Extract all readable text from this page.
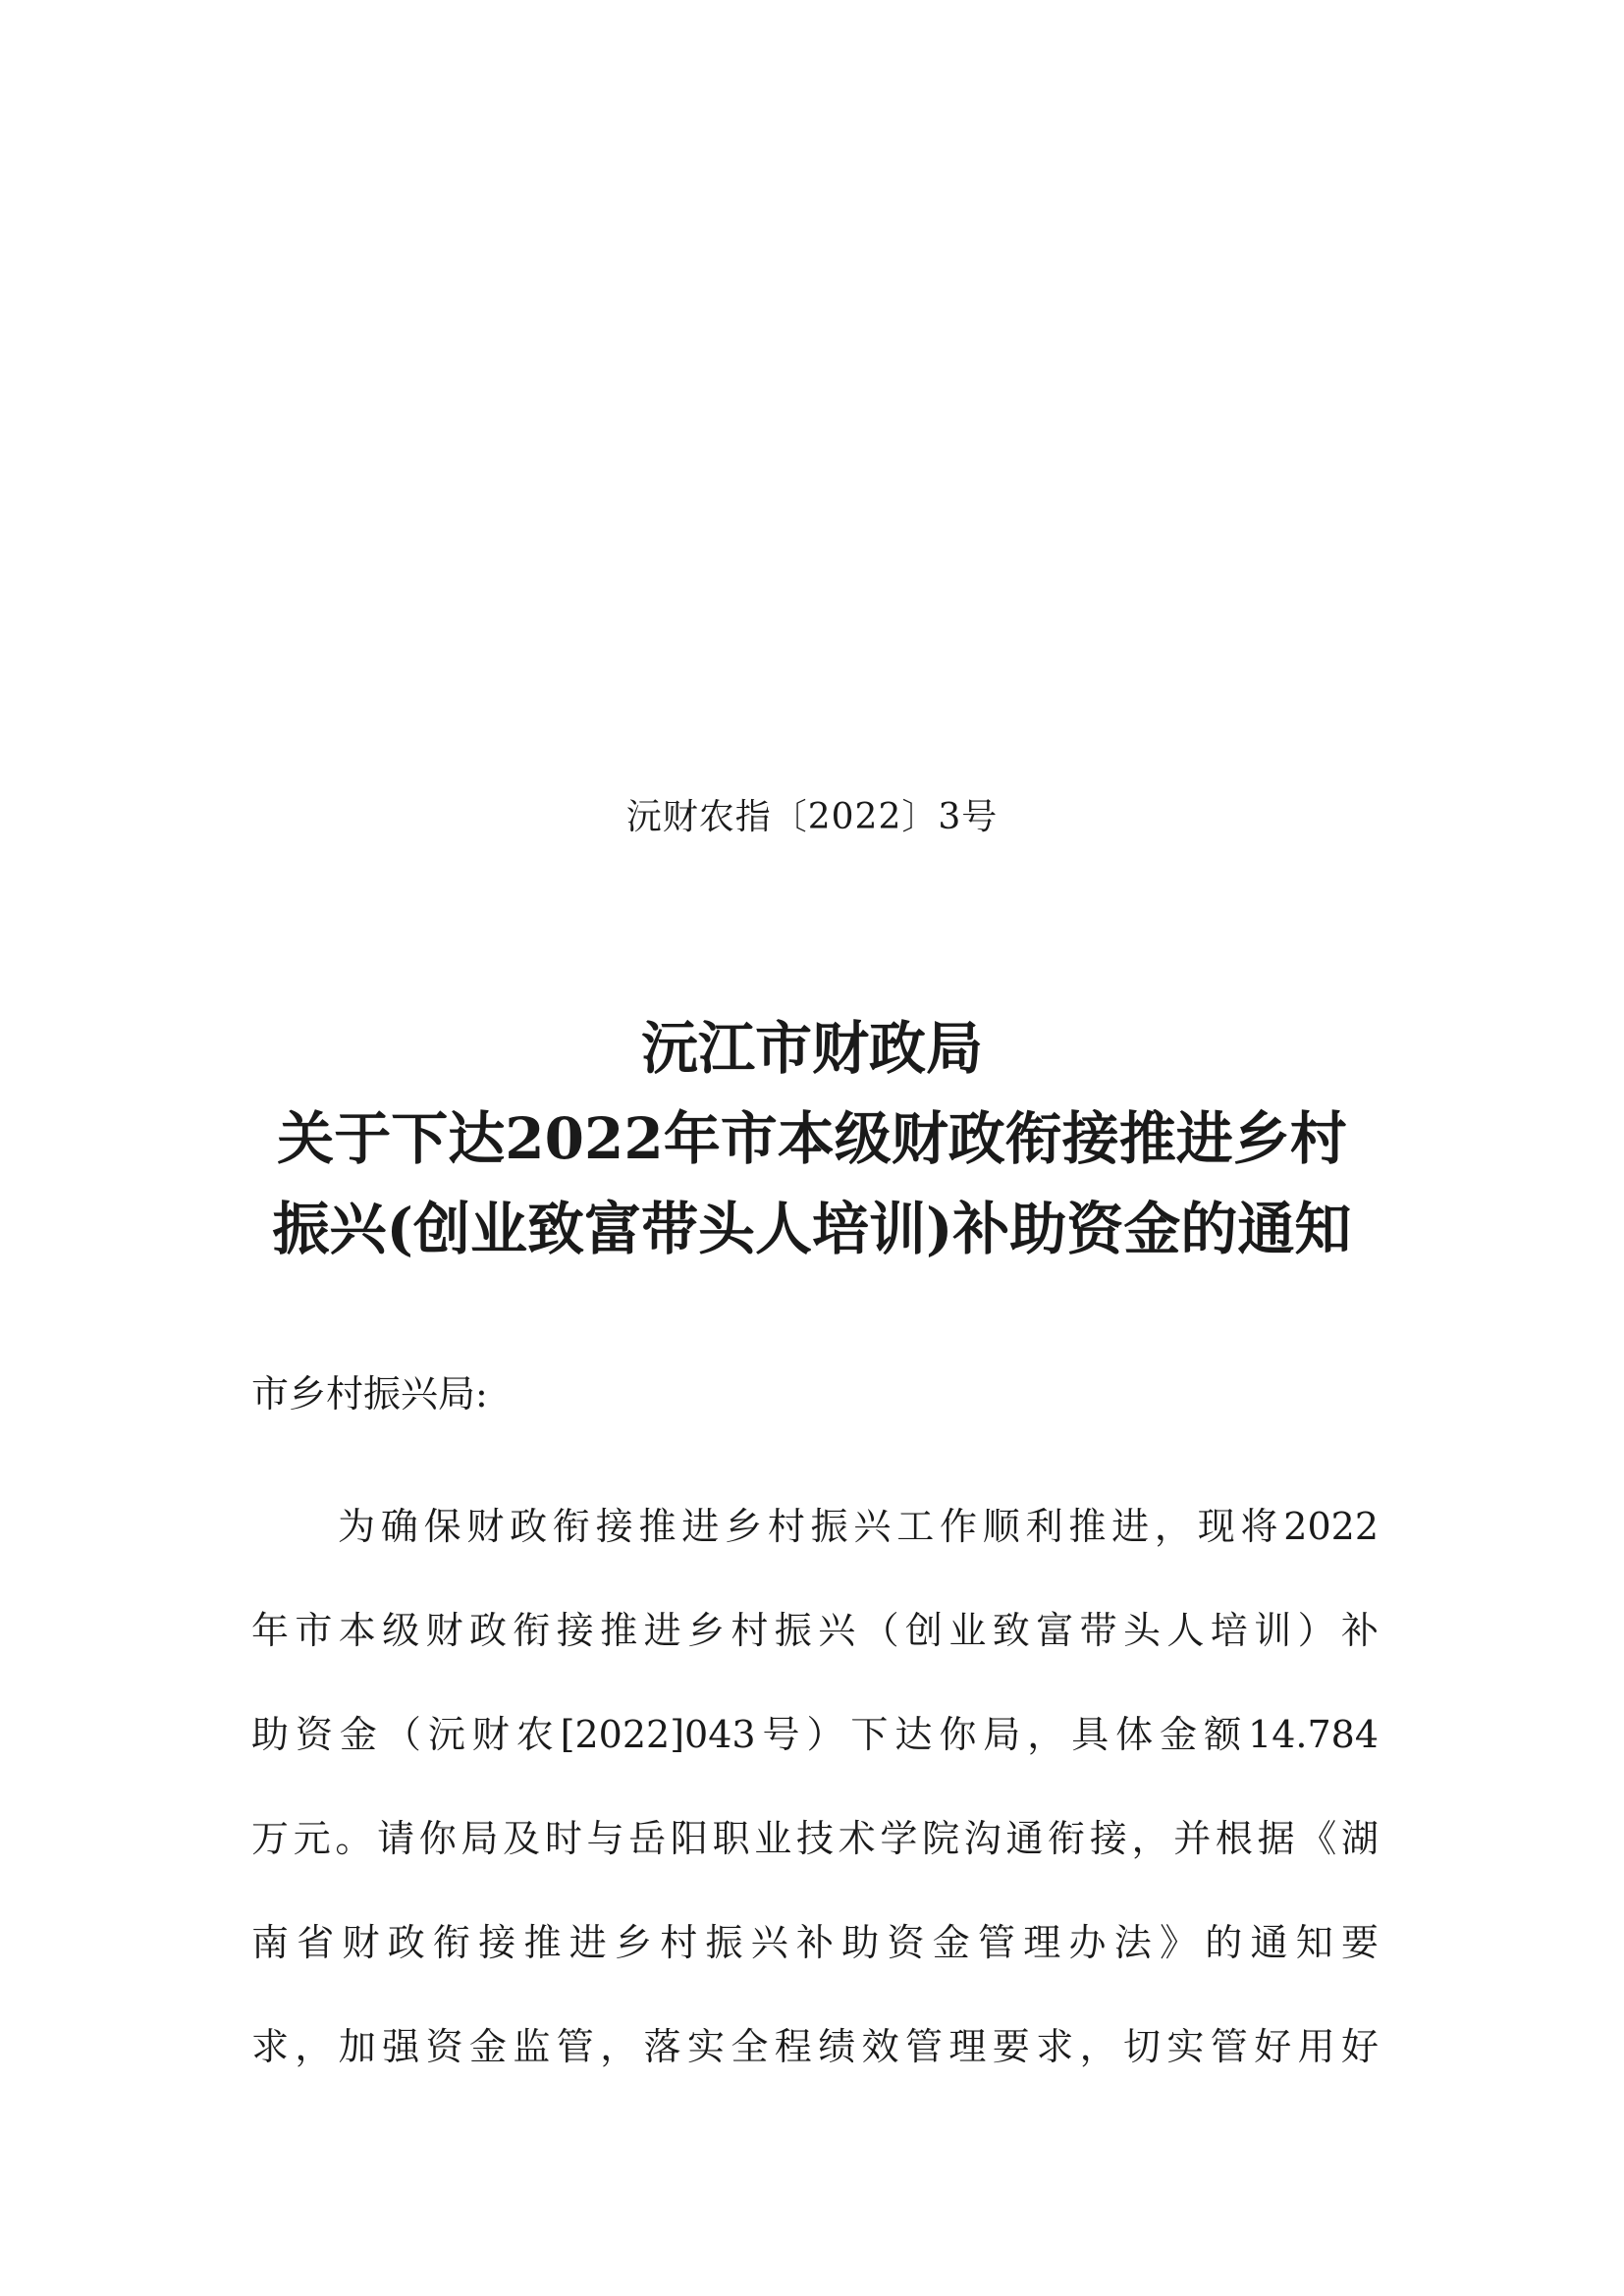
沅财农指〔2022〕3号
沅江市财政局
关于下达2022年市本级财政衔接推进乡村
振兴(创业致富带头人培训)补助资金的通知
市乡村振兴局:
为确保财政衔接推进乡村振兴工作顺利推进，现将2022
年市本级财政衔接推进乡村振兴（创业致富带头人培训）补
助资金（沅财农[2022]043号）下达你局，具体金额14.784
万元。请你局及时与岳阳职业技术学院沟通衔接，并根据《湖
南省财政衔接推进乡村振兴补助资金管理办法》的通知要
求，加强资金监管，落实全程绩效管理要求，切实管好用好
